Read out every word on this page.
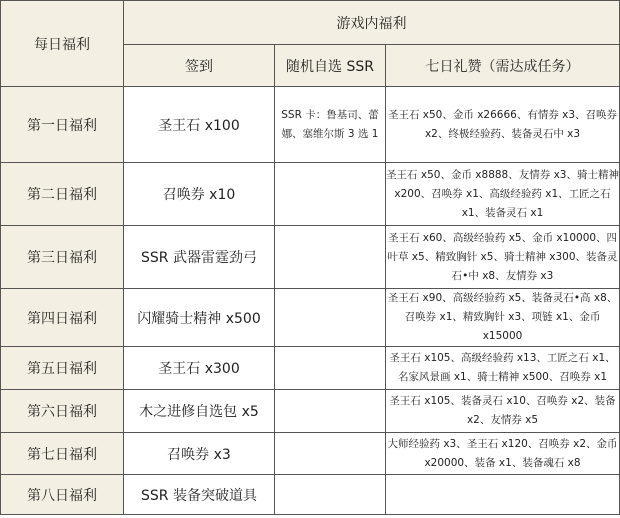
每日福利	游戏内福利		
	签到	随机自选 SSR	七日礼赞（需达成任务）
第一日福利	圣王石 x100	SSR 卡：鲁基司、蕾娜、塞维尔斯 3 选 1	圣王石 x50、金币 x26666、有情券 x3、召唤券 x2、终极经验药、装备灵石中 x3
第二日福利	召唤券 x10		圣王石 x50、金币 x8888、友情券 x3、骑士精神 x200、召唤券 x1、高级经验药 x1、工匠之石 x1、装备灵石 x1
第三日福利	SSR 武器雷霆劲弓		圣王石 x60、高级经验药 x5、金币 x10000、四叶草 x5、精致胸针 x5、骑士精神 x300、装备灵石•中 x8、友情券 x3
第四日福利	闪耀骑士精神 x500		圣王石 x90、高级经验药 x5、装备灵石•高 x8、召唤券 x1、精致胸针 x3、项链 x1、金币 x15000
第五日福利	圣王石 x300		圣王石 x105、高级经验药 x13、工匠之石 x1、名家风景画 x1、骑士精神 x500、召唤券 x1
第六日福利	木之进修自选包 x5		圣王石 x105、装备灵石 x10、召唤券 x2、装备 x2、友情券 x5
第七日福利	召唤券 x3		大师经验药 x3、圣王石 x120、召唤券 x2、金币 x20000、装备 x1、装备魂石 x8
第八日福利	SSR 装备突破道具		
